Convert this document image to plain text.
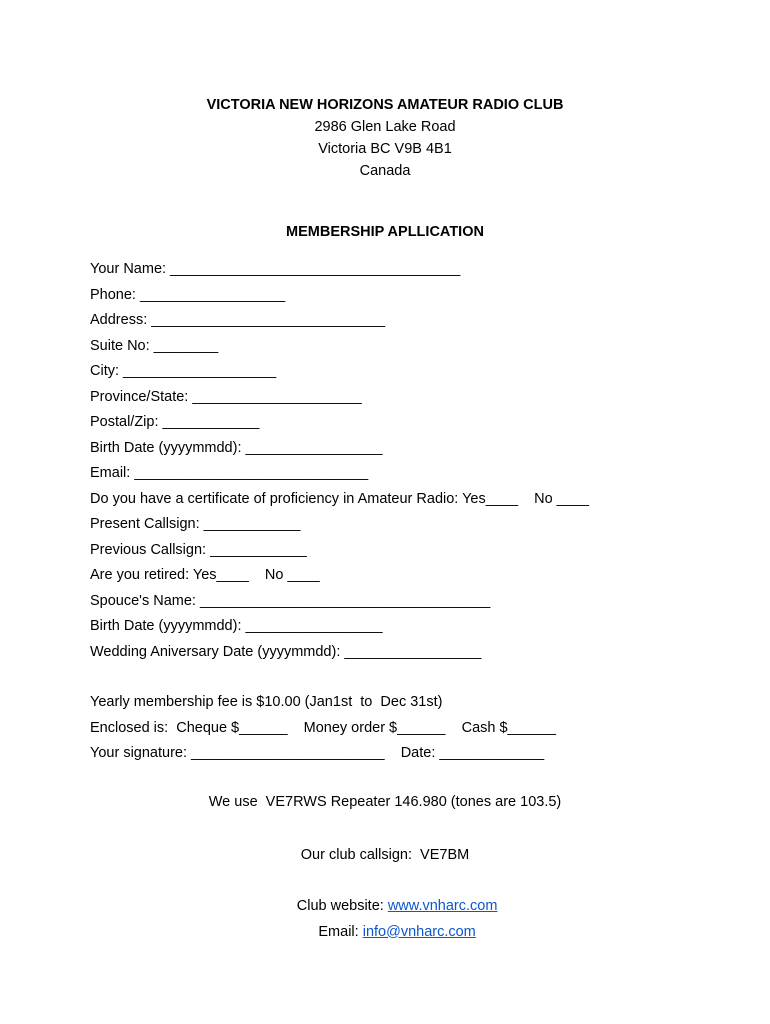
VICTORIA NEW HORIZONS AMATEUR RADIO CLUB
2986 Glen Lake Road
Victoria BC V9B 4B1
Canada
MEMBERSHIP APLLICATION
Your Name: ____________________________________
Phone: __________________
Address: _____________________________
Suite No: ________
City: ___________________
Province/State: _____________________
Postal/Zip: ____________
Birth Date (yyyymmdd): _________________
Email: _____________________________
Do you have a certificate of proficiency in Amateur Radio: Yes____    No ____
Present Callsign: ____________
Previous Callsign: ____________
Are you retired: Yes____    No ____
Spouce's Name: ____________________________________
Birth Date (yyyymmdd): _________________
Wedding Aniversary Date (yyyymmdd): _________________
Yearly membership fee is $10.00 (Jan1st  to  Dec 31st)
Enclosed is:  Cheque $______    Money order $______    Cash $______
Your signature: ________________________    Date: _____________
We use  VE7RWS Repeater 146.980 (tones are 103.5)
Our club callsign:  VE7BM

Club website: www.vnharc.com

Email: info@vnharc.com
